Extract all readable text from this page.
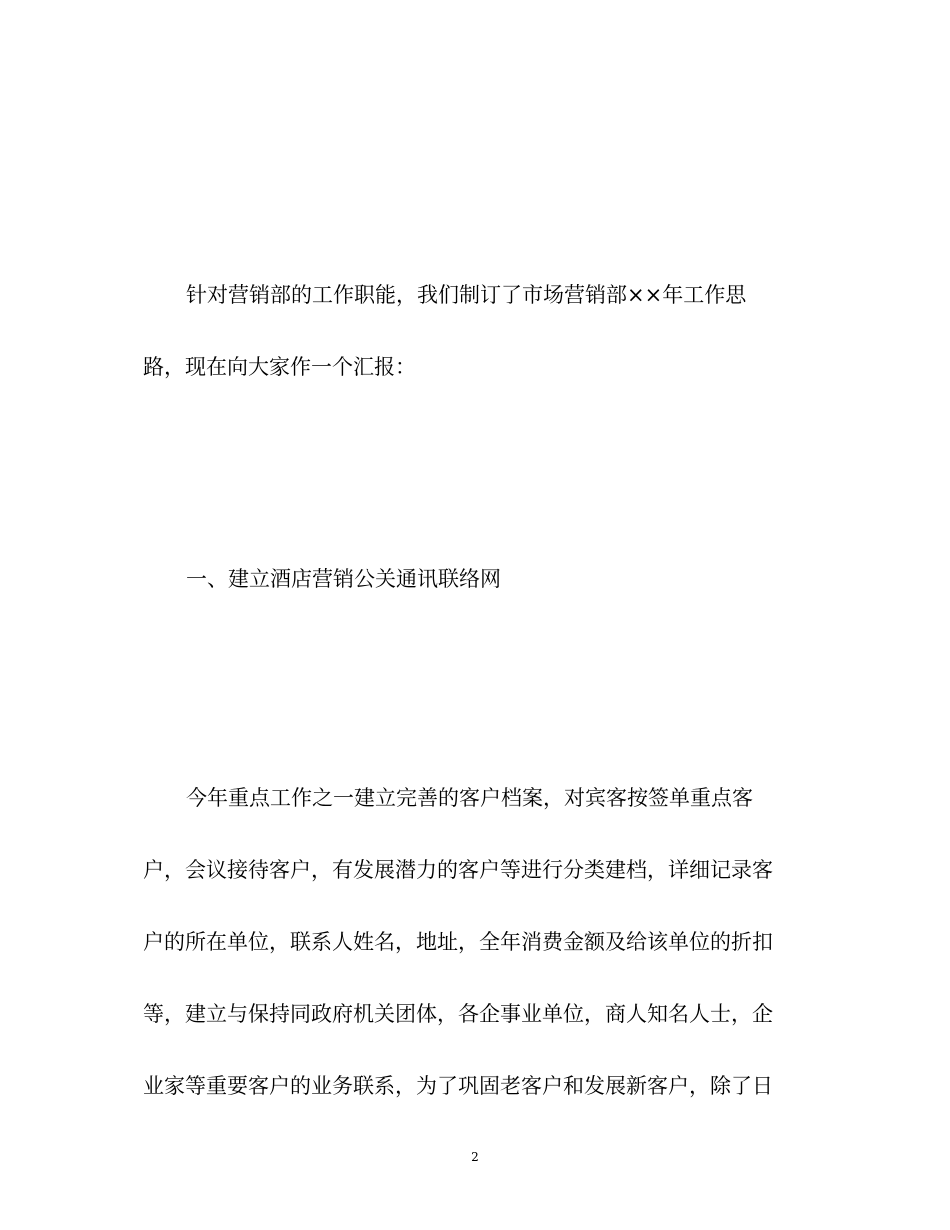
针对营销部的工作职能，我们制订了市场营销部××年工作思
路，现在向大家作一个汇报：
一、建立酒店营销公关通讯联络网
今年重点工作之一建立完善的客户档案，对宾客按签单重点客
户，会议接待客户，有发展潜力的客户等进行分类建档，详细记录客
户的所在单位，联系人姓名，地址，全年消费金额及给该单位的折扣
等，建立与保持同政府机关团体，各企事业单位，商人知名人士，企
业家等重要客户的业务联系，为了巩固老客户和发展新客户，除了日
2
